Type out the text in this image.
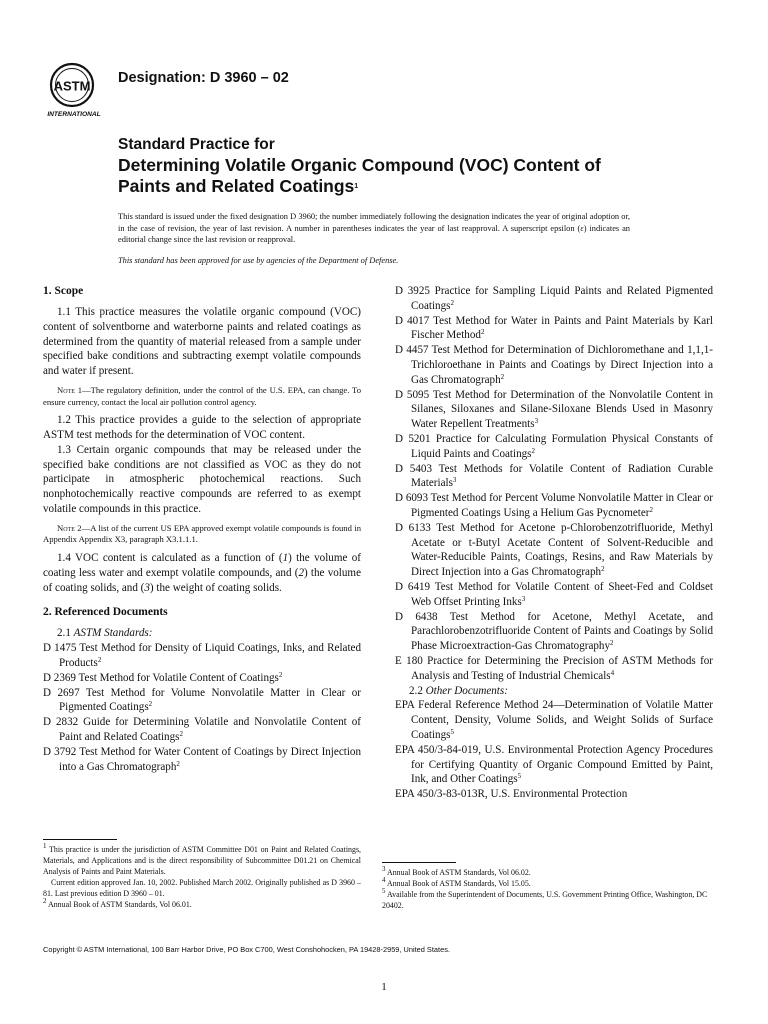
ASTM
INTERNATIONAL
Designation: D 3960 – 02
Standard Practice for
Determining Volatile Organic Compound (VOC) Content of
Paints and Related Coatings$^1$
This standard is issued under the fixed designation D 3960; the number immediately following the designation indicates the year of original adoption or, in the case of revision, the year of last revision. A number in parentheses indicates the year of last reapproval. A superscript epsilon (ε) indicates an editorial change since the last revision or reapproval.
This standard has been approved for use by agencies of the Department of Defense.
1. Scope

1.1 This practice measures the volatile organic compound (VOC) content of solventborne and waterborne paints and related coatings as determined from the quantity of material released from a sample under specified bake conditions and subtracting exempt volatile compounds and water if present.

Note 1—The regulatory definition, under the control of the U.S. EPA, can change. To ensure currency, contact the local air pollution control agency.

1.2 This practice provides a guide to the selection of appropriate ASTM test methods for the determination of VOC content.

1.3 Certain organic compounds that may be released under the specified bake conditions are not classified as VOC as they do not participate in atmospheric photochemical reactions. Such nonphotochemically reactive compounds are referred to as exempt volatile compounds in this practice.

Note 2—A list of the current US EPA approved exempt volatile compounds is found in Appendix Appendix X3, paragraph X3.1.1.1.

1.4 VOC content is calculated as a function of (1) the volume of coating less water and exempt volatile compounds, and (2) the volume of coating solids, and (3) the weight of coating solids.

2. Referenced Documents

2.1 ASTM Standards:

D 1475 Test Method for Density of Liquid Coatings, Inks, and Related Products$^2$

D 2369 Test Method for Volatile Content of Coatings$^2$

D 2697 Test Method for Volume Nonvolatile Matter in Clear or Pigmented Coatings$^2$

D 2832 Guide for Determining Volatile and Nonvolatile Content of Paint and Related Coatings$^2$

D 3792 Test Method for Water Content of Coatings by Direct Injection into a Gas Chromatograph$^2$

D 3925 Practice for Sampling Liquid Paints and Related Pigmented Coatings$^2$

D 4017 Test Method for Water in Paints and Paint Materials by Karl Fischer Method$^2$

D 4457 Test Method for Determination of Dichloromethane and 1,1,1-Trichloroethane in Paints and Coatings by Direct Injection into a Gas Chromatograph$^2$

D 5095 Test Method for Determination of the Nonvolatile Content in Silanes, Siloxanes and Silane-Siloxane Blends Used in Masonry Water Repellent Treatments$^3$

D 5201 Practice for Calculating Formulation Physical Constants of Liquid Paints and Coatings$^2$

D 5403 Test Methods for Volatile Content of Radiation Curable Materials$^3$

D 6093 Test Method for Percent Volume Nonvolatile Matter in Clear or Pigmented Coatings Using a Helium Gas Pycnometer$^2$

D 6133 Test Method for Acetone p-Chlorobenzotrifluoride, Methyl Acetate or t-Butyl Acetate Content of Solvent-Reducible and Water-Reducible Paints, Coatings, Resins, and Raw Materials by Direct Injection into a Gas Chromatograph$^2$

D 6419 Test Method for Volatile Content of Sheet-Fed and Coldset Web Offset Printing Inks$^3$

D 6438 Test Method for Acetone, Methyl Acetate, and Parachlorobenzotrifluoride Content of Paints and Coatings by Solid Phase Microextraction-Gas Chromatography$^2$

E 180 Practice for Determining the Precision of ASTM Methods for Analysis and Testing of Industrial Chemicals$^4$

2.2 Other Documents:

EPA Federal Reference Method 24—Determination of Volatile Matter Content, Density, Volume Solids, and Weight Solids of Surface Coatings$^5$

EPA 450/3-84-019, U.S. Environmental Protection Agency Procedures for Certifying Quantity of Organic Compound Emitted by Paint, Ink, and Other Coatings$^5$

EPA 450/3-83-013R, U.S. Environmental Protection

$^1$ This practice is under the jurisdiction of ASTM Committee D01 on Paint and Related Coatings, Materials, and Applications and is the direct responsibility of Subcommittee D01.21 on Chemical Analysis of Paints and Paint Materials.

Current edition approved Jan. 10, 2002. Published March 2002. Originally published as D 3960 – 81. Last previous edition D 3960 – 01.

$^2$ Annual Book of ASTM Standards, Vol 06.01.

$^3$ Annual Book of ASTM Standards, Vol 06.02.

$^4$ Annual Book of ASTM Standards, Vol 15.05.

$^5$ Available from the Superintendent of Documents, U.S. Government Printing Office, Washington, DC 20402.

Copyright © ASTM International, 100 Barr Harbor Drive, PO Box C700, West Conshohocken, PA 19428-2959, United States.
1
